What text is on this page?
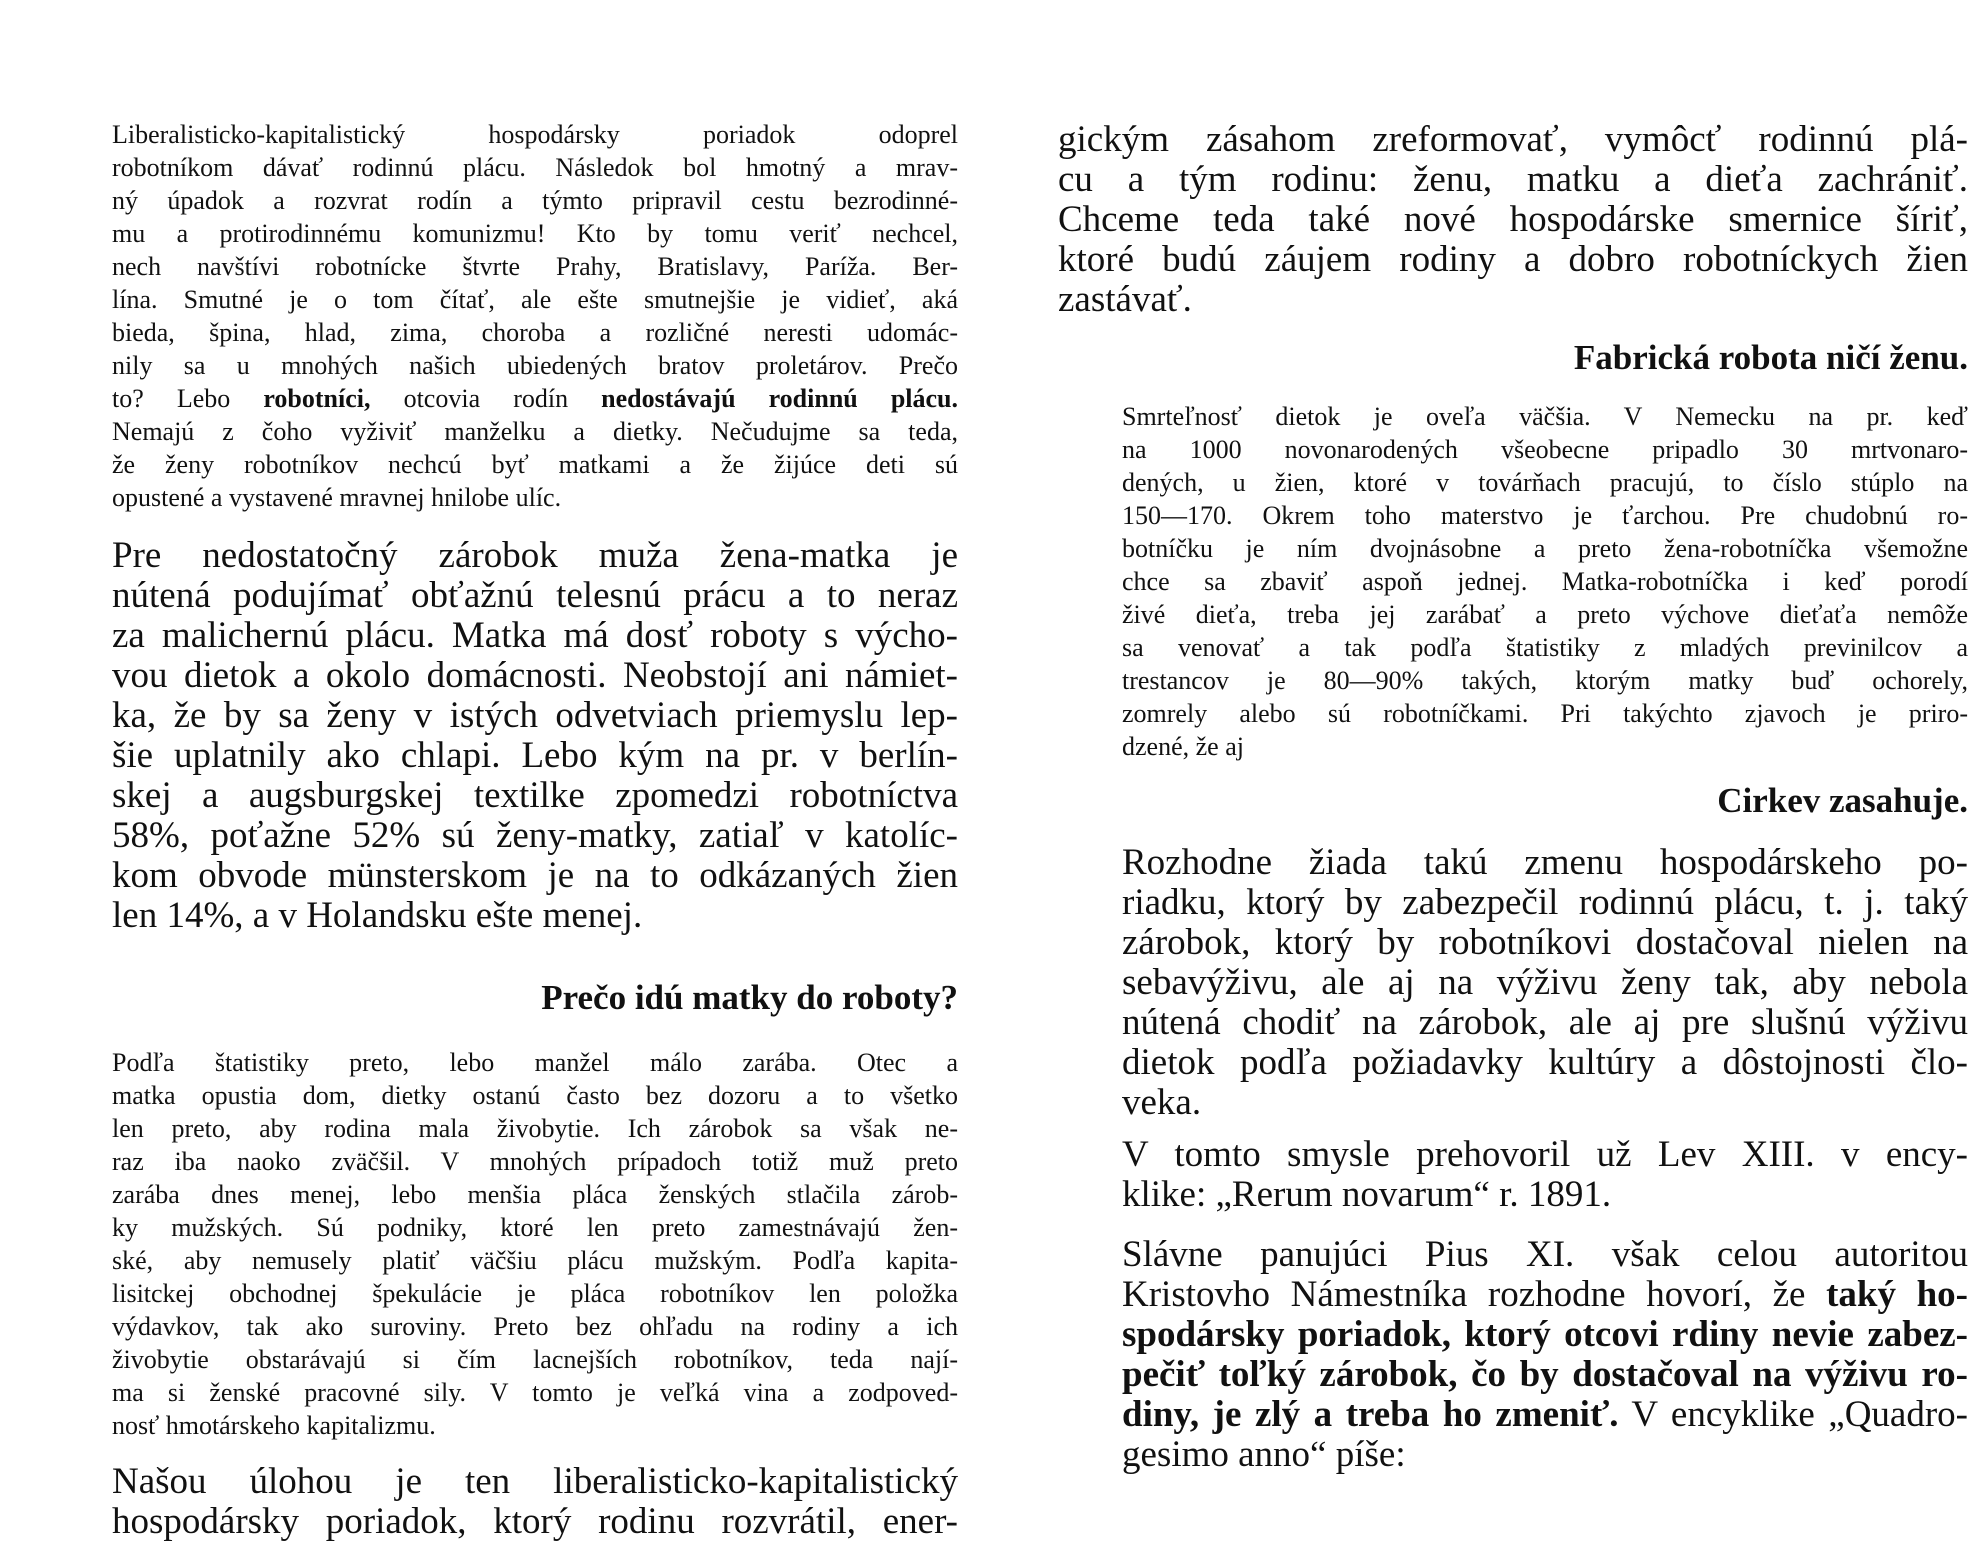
Liberalisticko-kapitalistický hospodársky poriadok odoprel
robotníkom dávať rodinnú plácu. Následok bol hmotný a mrav-
ný úpadok a rozvrat rodín a týmto pripravil cestu bezrodinné-
mu a protirodinnému komunizmu! Kto by tomu veriť nechcel,
nech navštívi robotnícke štvrte Prahy, Bratislavy, Paríža. Ber-
lína. Smutné je o tom čítať, ale ešte smutnejšie je vidieť, aká
bieda, špina, hlad, zima, choroba a rozličné neresti udomác-
nily sa u mnohých našich ubiedených bratov proletárov. Prečo
to? Lebo robotníci, otcovia rodín nedostávajú rodinnú plácu.
Nemajú z čoho vyživiť manželku a dietky. Nečudujme sa teda,
že ženy robotníkov nechcú byť matkami a že žijúce deti sú
opustené a vystavené mravnej hnilobe ulíc.

Pre nedostatočný zárobok muža žena-matka je
nútená podujímať obťažnú telesnú prácu a to neraz
za malichernú plácu. Matka má dosť roboty s výcho-
vou dietok a okolo domácnosti. Neobstojí ani námiet-
ka, že by sa ženy v istých odvetviach priemyslu lep-
šie uplatnily ako chlapi. Lebo kým na pr. v berlín-
skej a augsburgskej textilke zpomedzi robotníctva
58%, poťažne 52% sú ženy-matky, zatiaľ v katolíc-
kom obvode münsterskom je na to odkázaných žien
len 14%, a v Holandsku ešte menej.

Prečo idú matky do roboty?

Podľa štatistiky preto, lebo manžel málo zarába. Otec a
matka opustia dom, dietky ostanú často bez dozoru a to všetko
len preto, aby rodina mala živobytie. Ich zárobok sa však ne-
raz iba naoko zväčšil. V mnohých prípadoch totiž muž preto
zarába dnes menej, lebo menšia pláca ženských stlačila zárob-
ky mužských. Sú podniky, ktoré len preto zamestnávajú žen-
ské, aby nemusely platiť väčšiu plácu mužským. Podľa kapita-
lisitckej obchodnej špekulácie je pláca robotníkov len položka
výdavkov, tak ako suroviny. Preto bez ohľadu na rodiny a ich
živobytie obstarávajú si čím lacnejších robotníkov, teda nají-
ma si ženské pracovné sily. V tomto je veľká vina a zodpoved-
nosť hmotárskeho kapitalizmu.

Našou úlohou je ten liberalisticko-kapitalistický
hospodársky poriadok, ktorý rodinu rozvrátil, ener-

gickým zásahom zreformovať, vymôcť rodinnú plá-
cu a tým rodinu: ženu, matku a dieťa zachrániť.
Chceme teda také nové hospodárske smernice šíriť,
ktoré budú záujem rodiny a dobro robotníckych žien
zastávať.

Fabrická robota ničí ženu.

Smrteľnosť dietok je oveľa väčšia. V Nemecku na pr. keď
na 1000 novonarodených všeobecne pripadlo 30 mrtvonaro-
dených, u žien, ktoré v továrňach pracujú, to číslo stúplo na
150—170. Okrem toho materstvo je ťarchou. Pre chudobnú ro-
botníčku je ním dvojnásobne a preto žena-robotníčka všemožne
chce sa zbaviť aspoň jednej. Matka-robotníčka i keď porodí
živé dieťa, treba jej zarábať a preto výchove dieťaťa nemôže
sa venovať a tak podľa štatistiky z mladých previnilcov a
trestancov je 80—90% takých, ktorým matky buď ochorely,
zomrely alebo sú robotníčkami. Pri takýchto zjavoch je priro-
dzené, že aj

Cirkev zasahuje.

Rozhodne žiada takú zmenu hospodárskeho po-
riadku, ktorý by zabezpečil rodinnú plácu, t. j. taký
zárobok, ktorý by robotníkovi dostačoval nielen na
sebavýživu, ale aj na výživu ženy tak, aby nebola
nútená chodiť na zárobok, ale aj pre slušnú výživu
dietok podľa požiadavky kultúry a dôstojnosti člo-
veka.

V tomto smysle prehovoril už Lev XIII. v ency-
klike: „Rerum novarum“ r. 1891.

Slávne panujúci Pius XI. však celou autoritou
Kristovho Námestníka rozhodne hovorí, že taký ho-
spodársky poriadok, ktorý otcovi rdiny nevie zabez-
pečiť toľký zárobok, čo by dostačoval na výživu ro-
diny, je zlý a treba ho zmeniť. V encyklike „Quadro-
gesimo anno“ píše:
